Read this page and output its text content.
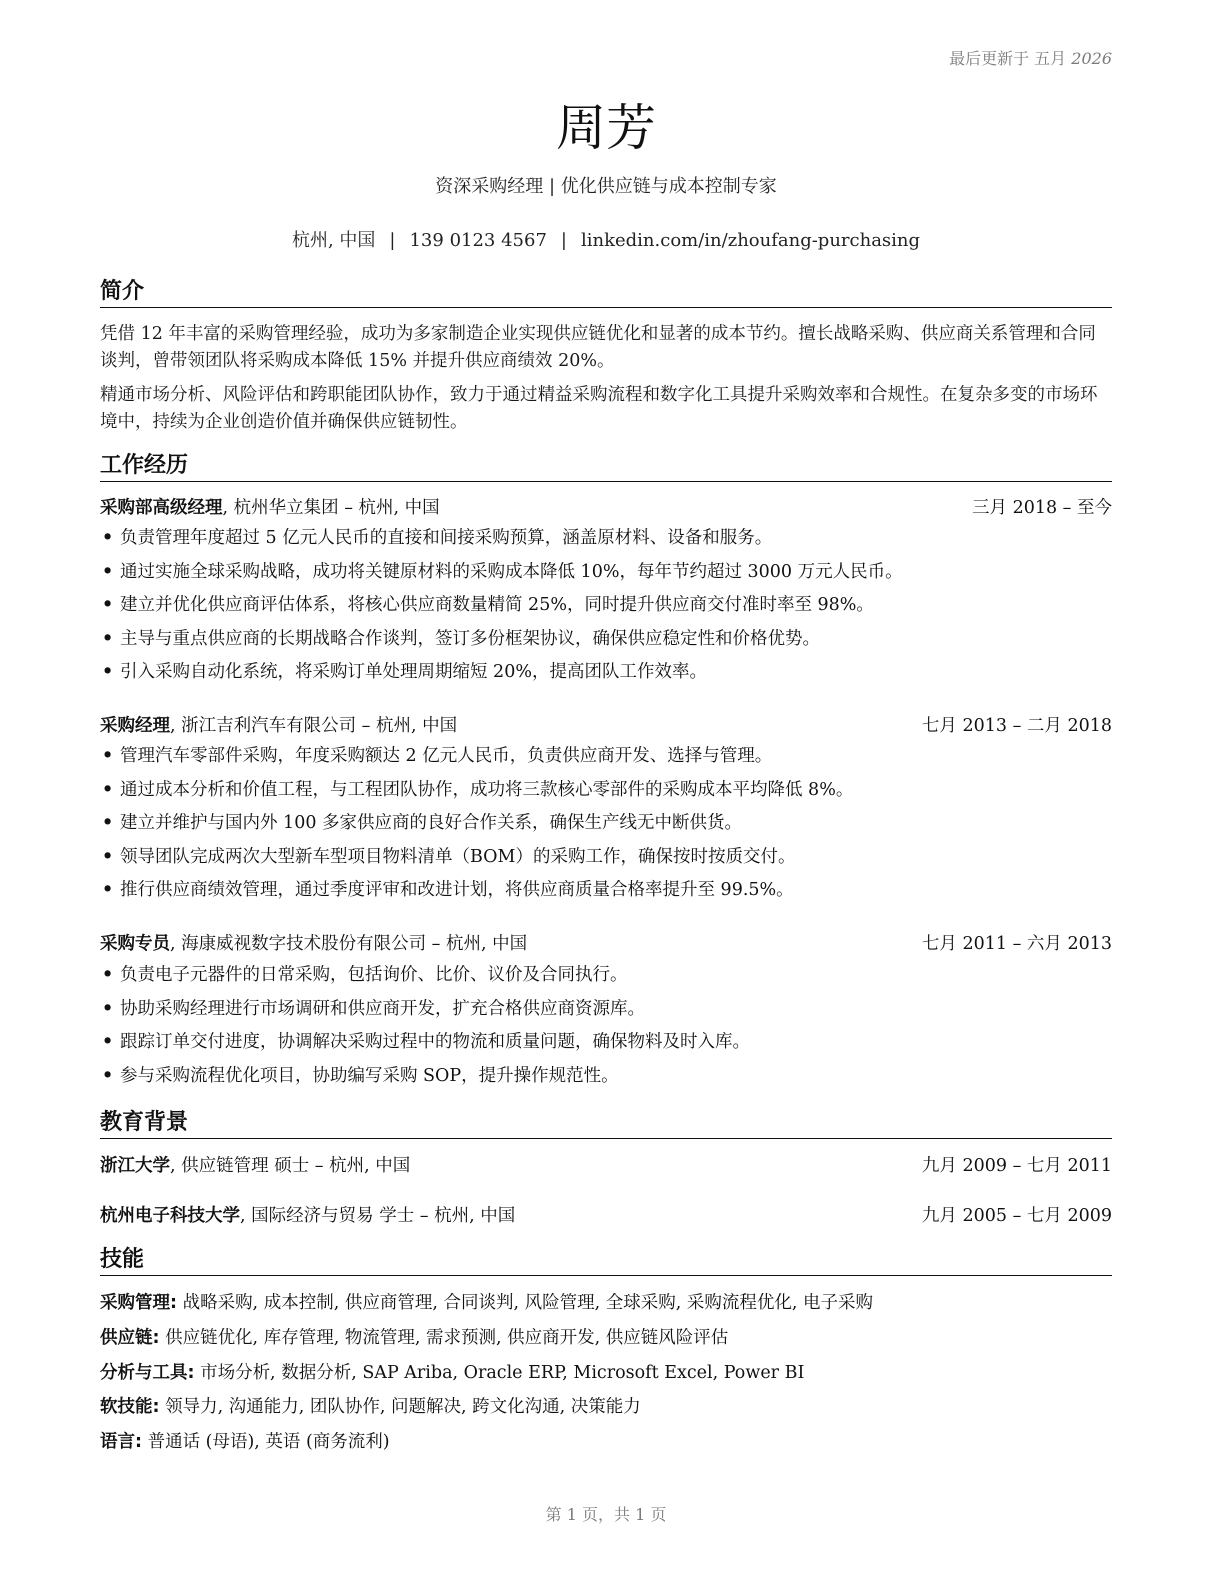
最后更新于 五月 2026
周芳
资深采购经理 | 优化供应链与成本控制专家
杭州, 中国 | 139 0123 4567 | linkedin.com/in/zhoufang-purchasing
简介
凭借 12 年丰富的采购管理经验，成功为多家制造企业实现供应链优化和显著的成本节约。擅长战略采购、供应商关系管理和合同谈判，曾带领团队将采购成本降低 15% 并提升供应商绩效 20%。
精通市场分析、风险评估和跨职能团队协作，致力于通过精益采购流程和数字化工具提升采购效率和合规性。在复杂多变的市场环境中，持续为企业创造价值并确保供应链韧性。
工作经历
采购部高级经理, 杭州华立集团 – 杭州, 中国	三月 2018 – 至今
• 负责管理年度超过 5 亿元人民币的直接和间接采购预算，涵盖原材料、设备和服务。
• 通过实施全球采购战略，成功将关键原材料的采购成本降低 10%，每年节约超过 3000 万元人民币。
• 建立并优化供应商评估体系，将核心供应商数量精简 25%，同时提升供应商交付准时率至 98%。
• 主导与重点供应商的长期战略合作谈判，签订多份框架协议，确保供应稳定性和价格优势。
• 引入采购自动化系统，将采购订单处理周期缩短 20%，提高团队工作效率。
采购经理, 浙江吉利汽车有限公司 – 杭州, 中国	七月 2013 – 二月 2018
• 管理汽车零部件采购，年度采购额达 2 亿元人民币，负责供应商开发、选择与管理。
• 通过成本分析和价值工程，与工程团队协作，成功将三款核心零部件的采购成本平均降低 8%。
• 建立并维护与国内外 100 多家供应商的良好合作关系，确保生产线无中断供货。
• 领导团队完成两次大型新车型项目物料清单（BOM）的采购工作，确保按时按质交付。
• 推行供应商绩效管理，通过季度评审和改进计划，将供应商质量合格率提升至 99.5%。
采购专员, 海康威视数字技术股份有限公司 – 杭州, 中国	七月 2011 – 六月 2013
• 负责电子元器件的日常采购，包括询价、比价、议价及合同执行。
• 协助采购经理进行市场调研和供应商开发，扩充合格供应商资源库。
• 跟踪订单交付进度，协调解决采购过程中的物流和质量问题，确保物料及时入库。
• 参与采购流程优化项目，协助编写采购 SOP，提升操作规范性。
教育背景
浙江大学, 供应链管理 硕士 – 杭州, 中国	九月 2009 – 七月 2011
杭州电子科技大学, 国际经济与贸易 学士 – 杭州, 中国	九月 2005 – 七月 2009
技能
采购管理: 战略采购, 成本控制, 供应商管理, 合同谈判, 风险管理, 全球采购, 采购流程优化, 电子采购
供应链: 供应链优化, 库存管理, 物流管理, 需求预测, 供应商开发, 供应链风险评估
分析与工具: 市场分析, 数据分析, SAP Ariba, Oracle ERP, Microsoft Excel, Power BI
软技能: 领导力, 沟通能力, 团队协作, 问题解决, 跨文化沟通, 决策能力
语言: 普通话 (母语), 英语 (商务流利)
第 1 页，共 1 页
